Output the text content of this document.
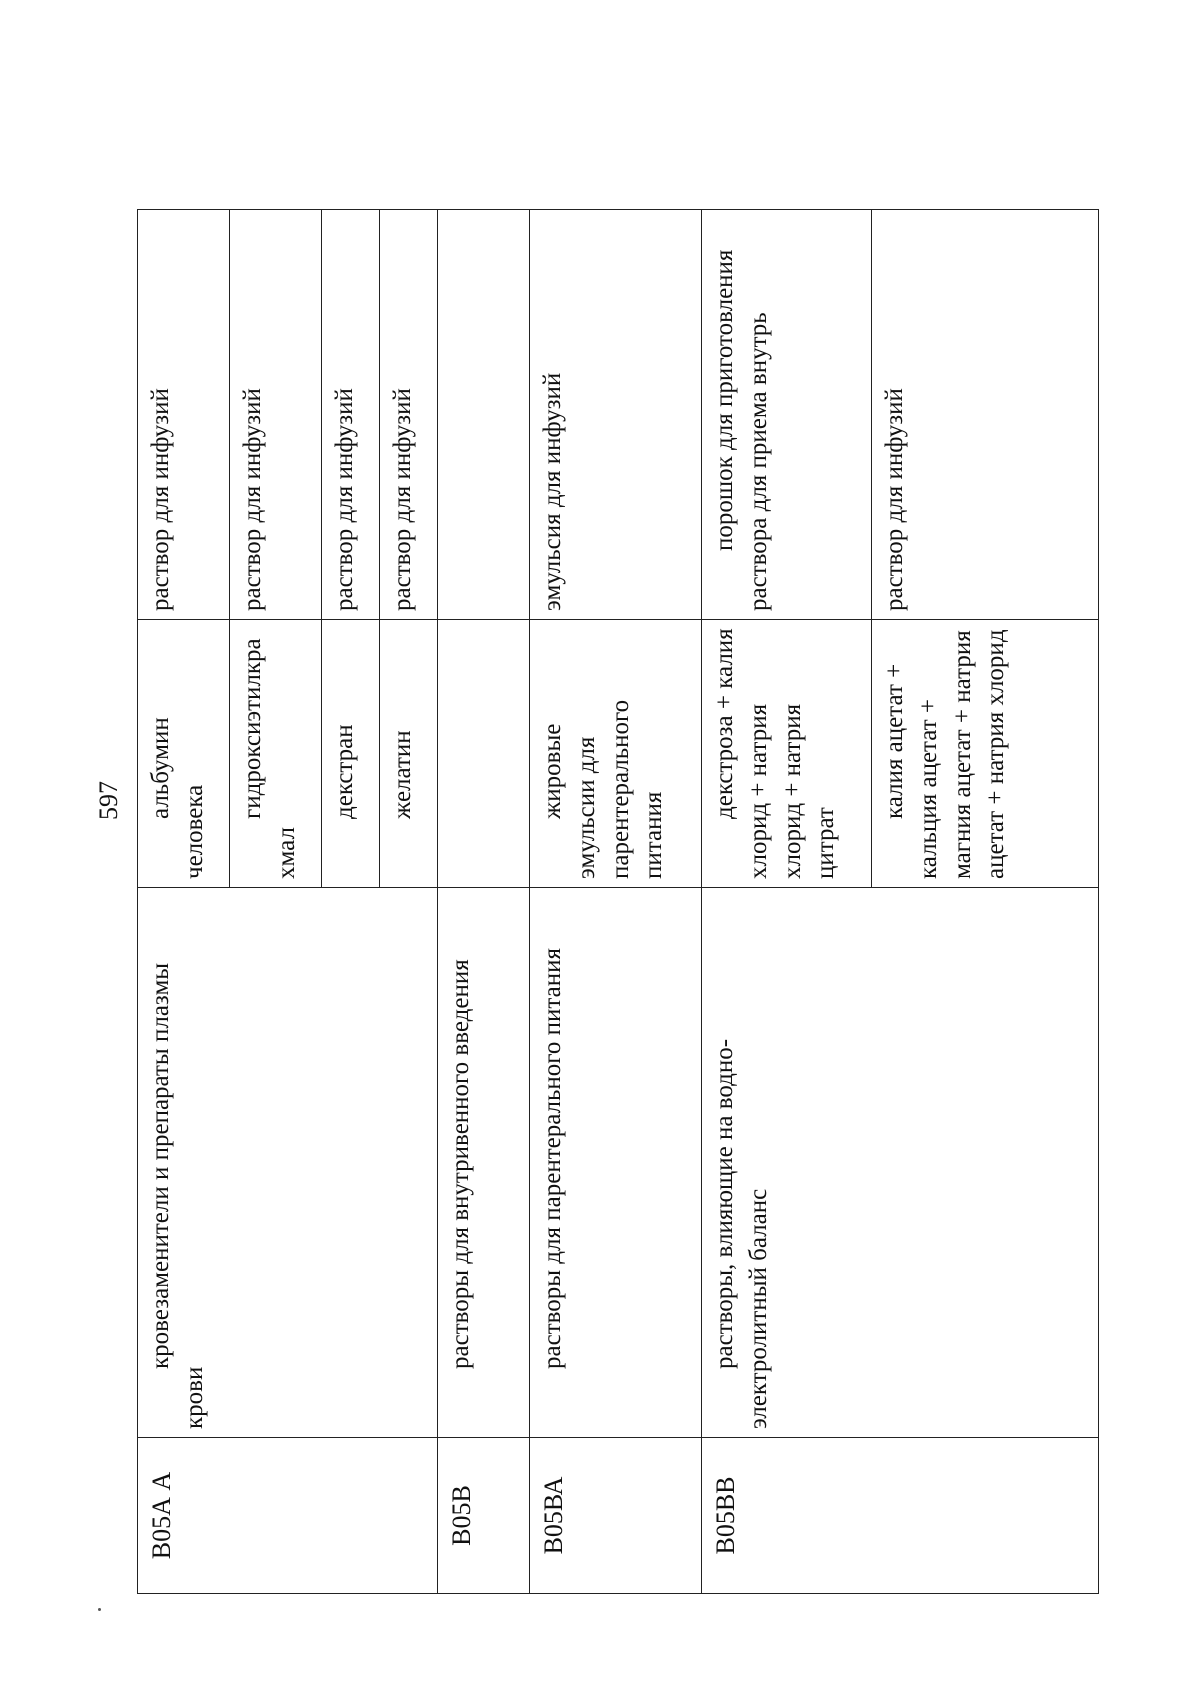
597
В05А А	кровезаменители и препараты плазмы крови	альбумин человека	раствор для инфузий
		гидроксиэтилкрахмал	раствор для инфузий
		декстран	раствор для инфузий
		желатин	раствор для инфузий
В05В	растворы для внутривенного введения		
В05ВА	растворы для парентерального питания	жировые эмульсии для парентерального питания	эмульсия для инфузий
В05ВВ	растворы, влияющие на водно-электролитный баланс	декстроза + калия хлорид + натрия хлорид + натрия цитрат	порошок для приготовления раствора для приема внутрь
		калия ацетат + кальция ацетат + магния ацетат + натрия ацетат + натрия хлорид	раствор для инфузий
